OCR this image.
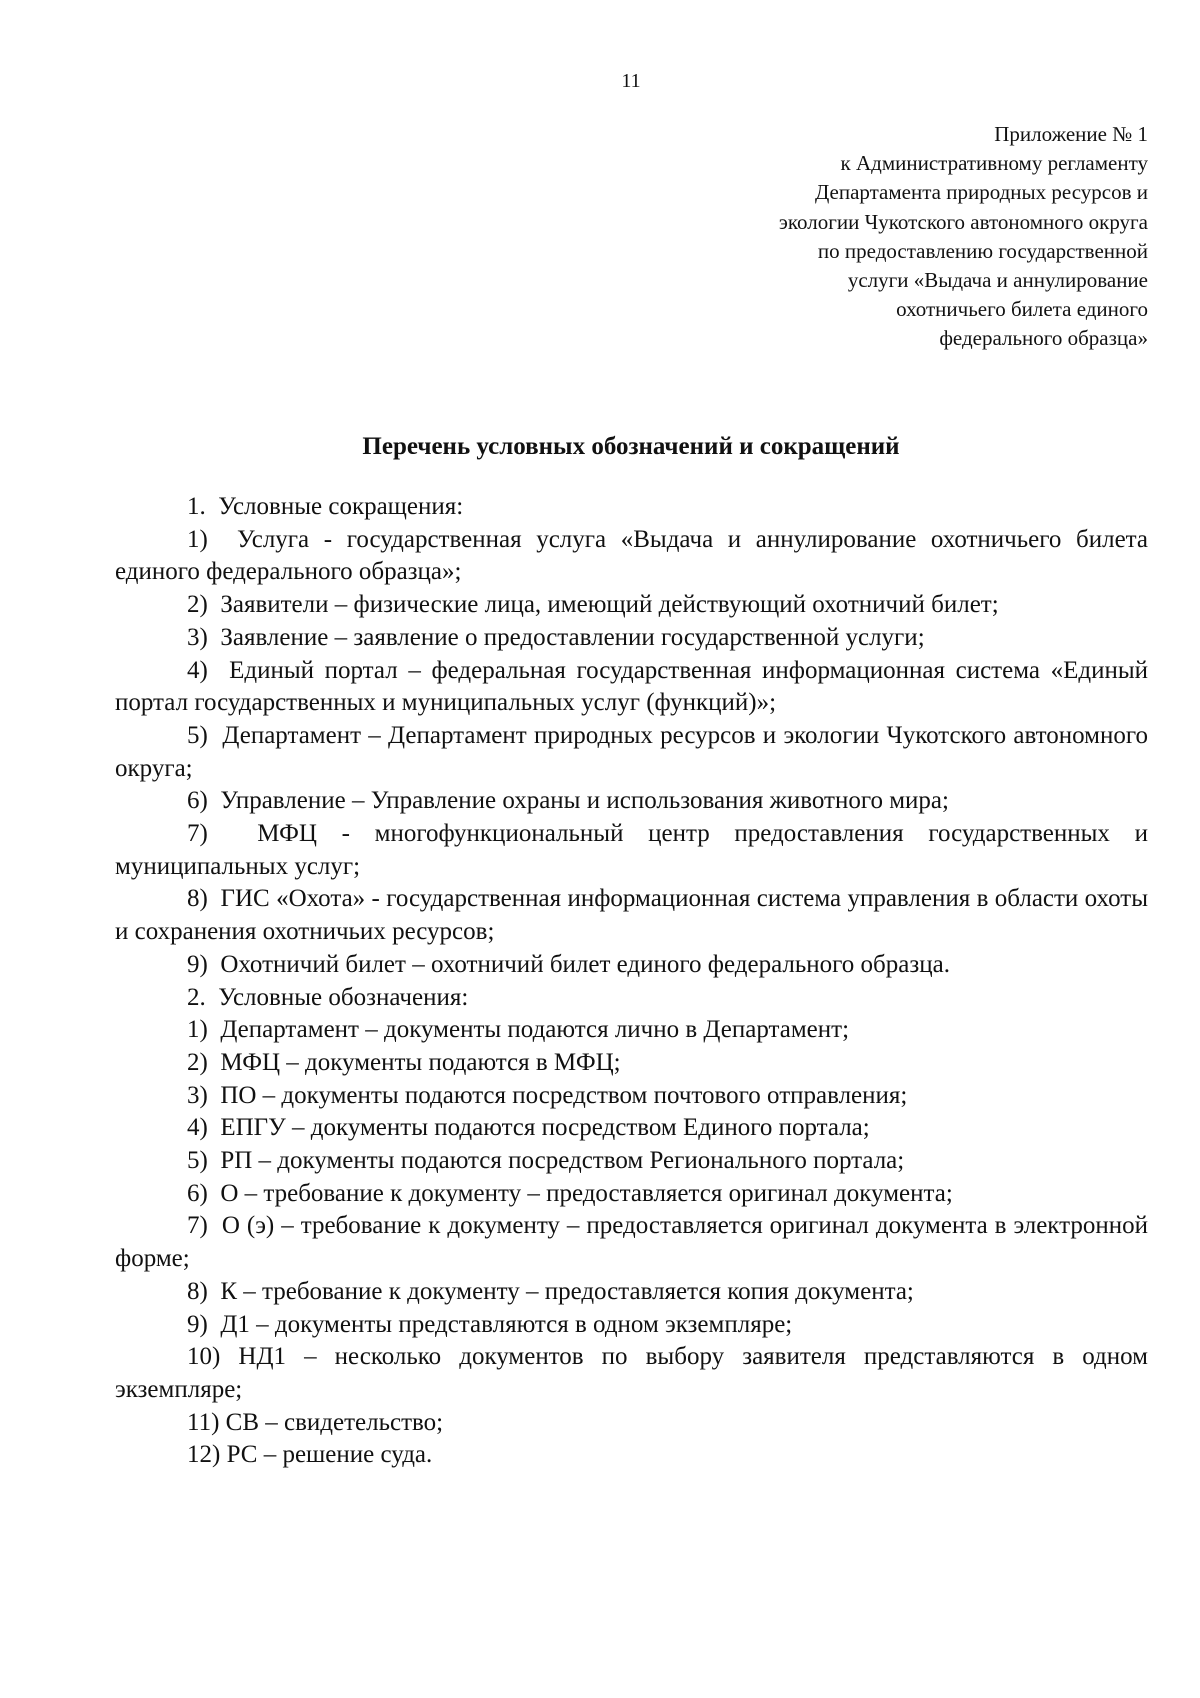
11
Приложение № 1
к Административному регламенту
Департамента природных ресурсов и
экологии Чукотского автономного округа
по предоставлению государственной
услуги «Выдача и аннулирование
охотничьего билета единого
федерального образца»
Перечень условных обозначений и сокращений

1.  Условные сокращения:

1)  Услуга - государственная услуга «Выдача и аннулирование охотничьего билета единого федерального образца»;

2)  Заявители – физические лица, имеющий действующий охотничий билет;

3)  Заявление – заявление о предоставлении государственной услуги;

4)  Единый портал – федеральная государственная информационная система «Единый портал государственных и муниципальных услуг (функций)»;

5)  Департамент – Департамент природных ресурсов и экологии Чукотского автономного округа;

6)  Управление – Управление охраны и использования животного мира;

7)  МФЦ - многофункциональный центр предоставления государственных и муниципальных услуг;

8)  ГИС «Охота» - государственная информационная система управления в области охоты и сохранения охотничьих ресурсов;

9)  Охотничий билет – охотничий билет единого федерального образца.

2.  Условные обозначения:

1)  Департамент – документы подаются лично в Департамент;

2)  МФЦ – документы подаются в МФЦ;

3)  ПО – документы подаются посредством почтового отправления;

4)  ЕПГУ – документы подаются посредством Единого портала;

5)  РП – документы подаются посредством Регионального портала;

6)  О – требование к документу – предоставляется оригинал документа;

7)  О (э) – требование к документу – предоставляется оригинал документа в электронной форме;

8)  К – требование к документу – предоставляется копия документа;

9)  Д1 – документы представляются в одном экземпляре;

10) НД1 – несколько документов по выбору заявителя представляются в одном экземпляре;

11) СВ – свидетельство;

12) РС – решение суда.
